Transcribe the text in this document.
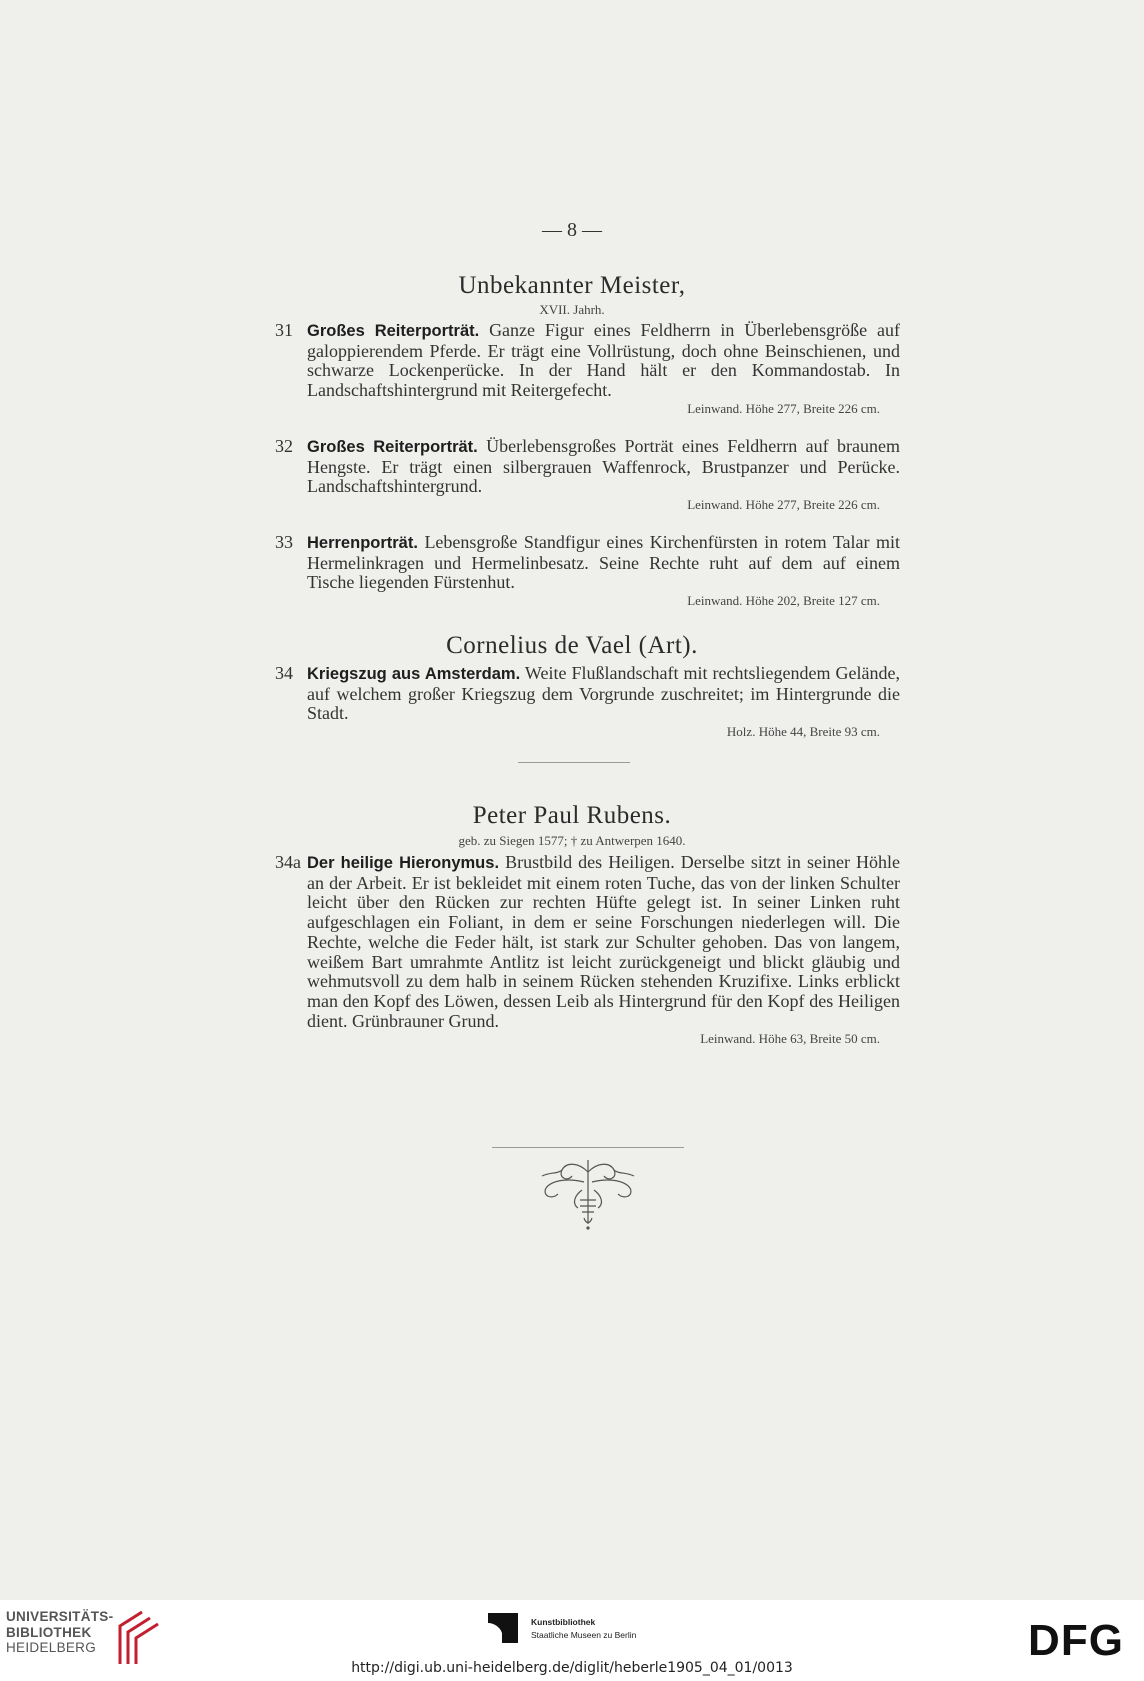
— 8 —
Unbekannter Meister,
XVII. Jahrh.
31 Großes Reiterporträt. Ganze Figur eines Feldherrn in Überlebensgröße auf galoppierendem Pferde. Er trägt eine Vollrüstung, doch ohne Beinschienen, und schwarze Lockenperücke. In der Hand hält er den Kommandostab. In Landschaftshintergrund mit Reitergefecht.
Leinwand. Höhe 277, Breite 226 cm.
32 Großes Reiterporträt. Überlebensgroßes Porträt eines Feldherrn auf braunem Hengste. Er trägt einen silbergrauen Waffenrock, Brustpanzer und Perücke. Landschaftshintergrund.
Leinwand. Höhe 277, Breite 226 cm.
33 Herrenporträt. Lebensgroße Standfigur eines Kirchenfürsten in rotem Talar mit Hermelinkragen und Hermelinbesatz. Seine Rechte ruht auf dem auf einem Tische liegenden Fürstenhut.
Leinwand. Höhe 202, Breite 127 cm.
Cornelius de Vael (Art).
34 Kriegszug aus Amsterdam. Weite Flußlandschaft mit rechtsliegendem Gelände, auf welchem großer Kriegszug dem Vorgrunde zuschreitet; im Hintergrunde die Stadt.
Holz. Höhe 44, Breite 93 cm.
Peter Paul Rubens.
geb. zu Siegen 1577; † zu Antwerpen 1640.
34a Der heilige Hieronymus. Brustbild des Heiligen. Derselbe sitzt in seiner Höhle an der Arbeit. Er ist bekleidet mit einem roten Tuche, das von der linken Schulter leicht über den Rücken zur rechten Hüfte gelegt ist. In seiner Linken ruht aufgeschlagen ein Foliant, in dem er seine Forschungen niederlegen will. Die Rechte, welche die Feder hält, ist stark zur Schulter gehoben. Das von langem, weißem Bart umrahmte Antlitz ist leicht zurückgeneigt und blickt gläubig und wehmutsvoll zu dem halb in seinem Rücken stehenden Kruzifixe. Links erblickt man den Kopf des Löwen, dessen Leib als Hintergrund für den Kopf des Heiligen dient. Grünbrauner Grund.
Leinwand. Höhe 63, Breite 50 cm.
UNIVERSITÄTS-
BIBLIOTHEK
HEIDELBERG
Kunstbibliothek
Staatliche Museen zu Berlin	DFG
http://digi.ub.uni-heidelberg.de/diglit/heberle1905_04_01/0013
